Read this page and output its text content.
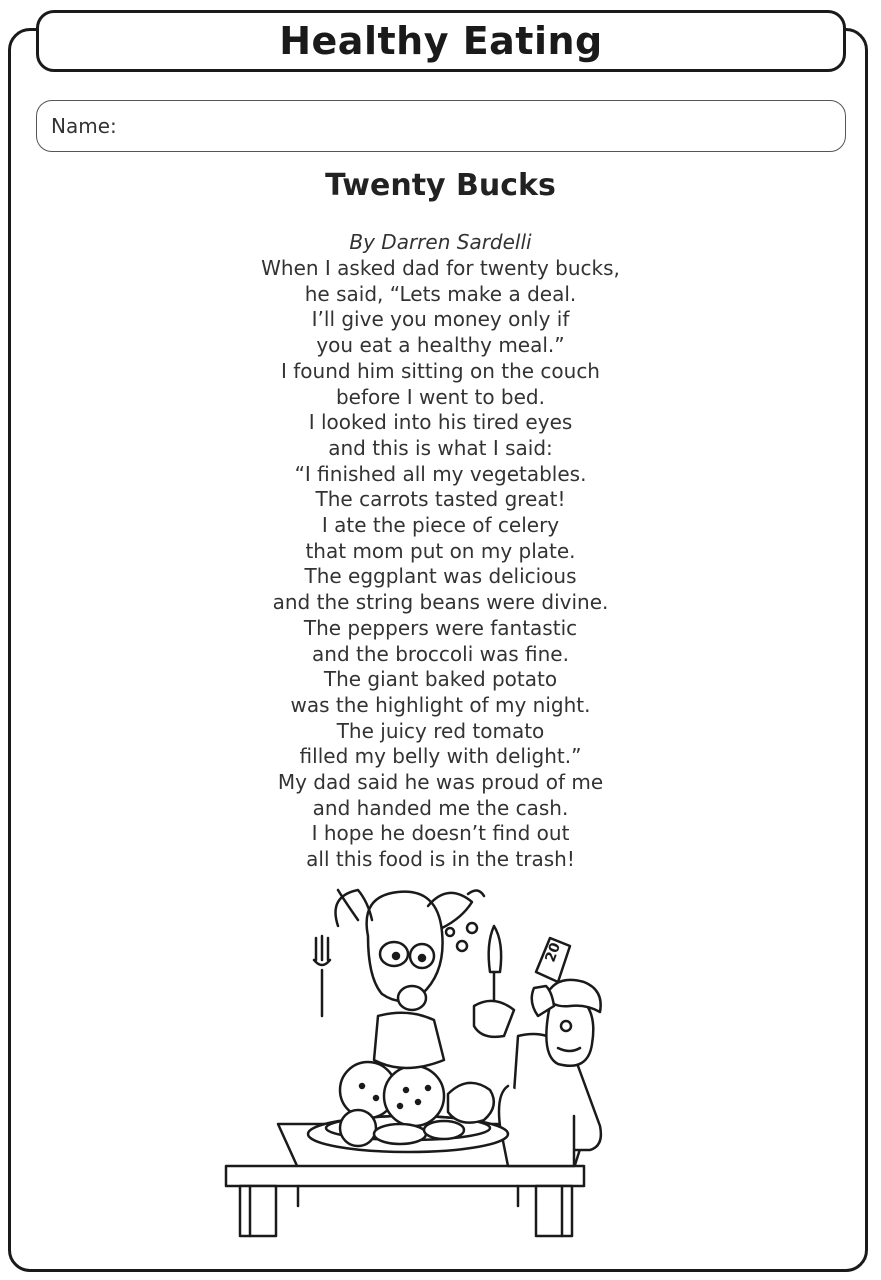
Healthy Eating
Name:
Twenty Bucks

By Darren Sardelli

When I asked dad for twenty bucks,
he said, “Lets make a deal.
I’ll give you money only if
you eat a healthy meal.”
I found him sitting on the couch
before I went to bed.
I looked into his tired eyes
and this is what I said:
“I finished all my vegetables.
The carrots tasted great!
I ate the piece of celery
that mom put on my plate.
The eggplant was delicious
and the string beans were divine.
The peppers were fantastic
and the broccoli was fine.
The giant baked potato
was the highlight of my night.
The juicy red tomato
filled my belly with delight.”
My dad said he was proud of me
and handed me the cash.
I hope he doesn’t find out
all this food is in the trash!
20
